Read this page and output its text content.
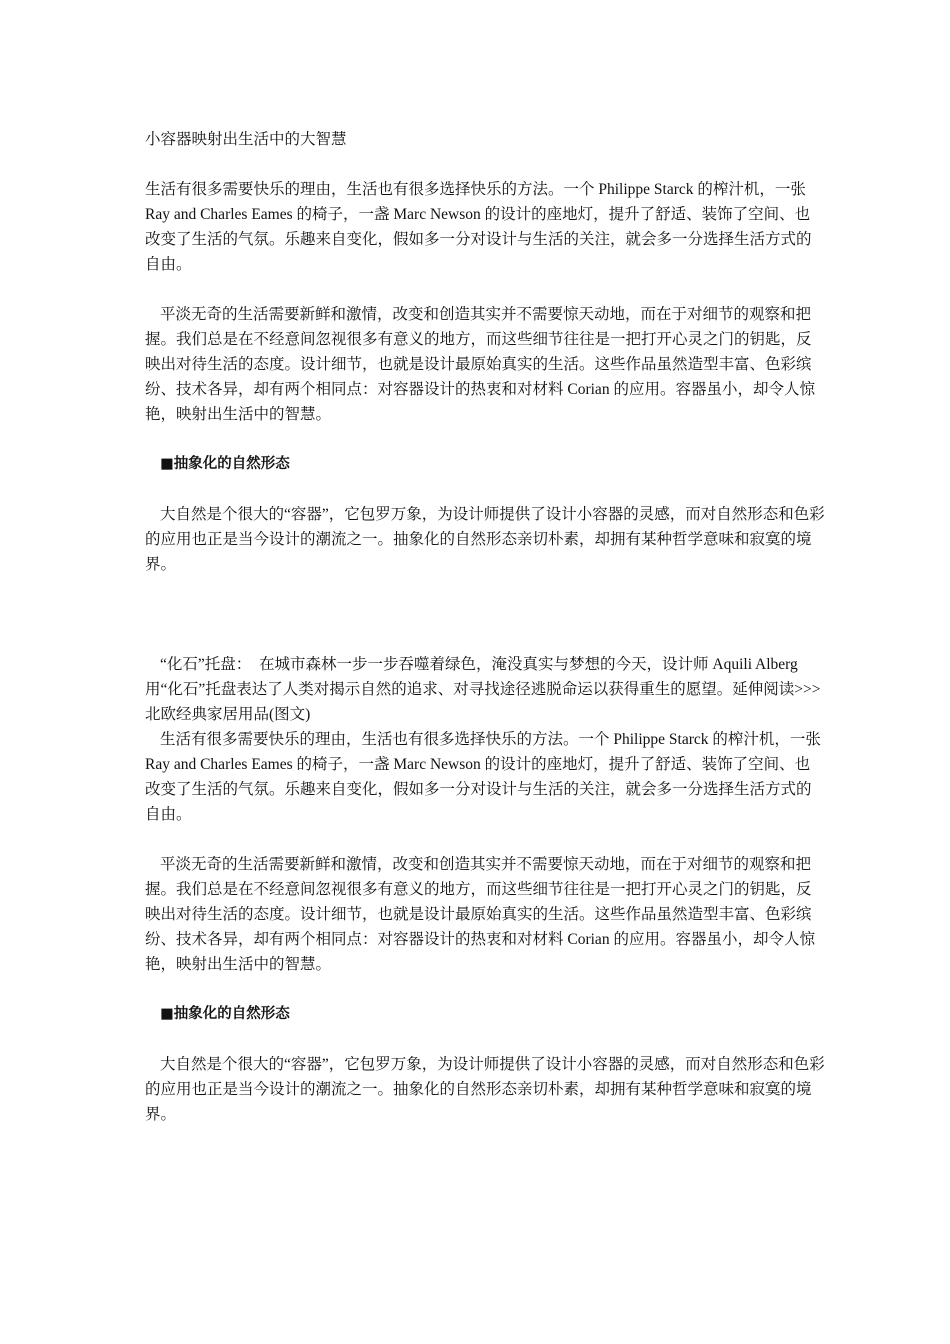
小容器映射出生活中的大智慧

生活有很多需要快乐的理由，生活也有很多选择快乐的方法。一个 Philippe Starck 的榨汁机，一张 Ray and Charles Eames 的椅子，一盏 Marc Newson 的设计的座地灯，提升了舒适、装饰了空间、也改变了生活的气氛。乐趣来自变化，假如多一分对设计与生活的关注，就会多一分选择生活方式的自由。

平淡无奇的生活需要新鲜和激情，改变和创造其实并不需要惊天动地，而在于对细节的观察和把握。我们总是在不经意间忽视很多有意义的地方，而这些细节往往是一把打开心灵之门的钥匙，反映出对待生活的态度。设计细节，也就是设计最原始真实的生活。这些作品虽然造型丰富、色彩缤纷、技术各异，却有两个相同点：对容器设计的热衷和对材料 Corian 的应用。容器虽小，却令人惊艳，映射出生活中的智慧。

■抽象化的自然形态

大自然是个很大的“容器”，它包罗万象，为设计师提供了设计小容器的灵感，而对自然形态和色彩的应用也正是当今设计的潮流之一。抽象化的自然形态亲切朴素，却拥有某种哲学意味和寂寞的境界。

“化石”托盘：　在城市森林一步一步吞噬着绿色，淹没真实与梦想的今天，设计师 Aquili Alberg 用“化石”托盘表达了人类对揭示自然的追求、对寻找途径逃脱命运以获得重生的愿望。延伸阅读>>>北欧经典家居用品(图文)

生活有很多需要快乐的理由，生活也有很多选择快乐的方法。一个 Philippe Starck 的榨汁机，一张 Ray and Charles Eames 的椅子，一盏 Marc Newson 的设计的座地灯，提升了舒适、装饰了空间、也改变了生活的气氛。乐趣来自变化，假如多一分对设计与生活的关注，就会多一分选择生活方式的自由。

平淡无奇的生活需要新鲜和激情，改变和创造其实并不需要惊天动地，而在于对细节的观察和把握。我们总是在不经意间忽视很多有意义的地方，而这些细节往往是一把打开心灵之门的钥匙，反映出对待生活的态度。设计细节，也就是设计最原始真实的生活。这些作品虽然造型丰富、色彩缤纷、技术各异，却有两个相同点：对容器设计的热衷和对材料 Corian 的应用。容器虽小，却令人惊艳，映射出生活中的智慧。

■抽象化的自然形态

大自然是个很大的“容器”，它包罗万象，为设计师提供了设计小容器的灵感，而对自然形态和色彩的应用也正是当今设计的潮流之一。抽象化的自然形态亲切朴素，却拥有某种哲学意味和寂寞的境界。
